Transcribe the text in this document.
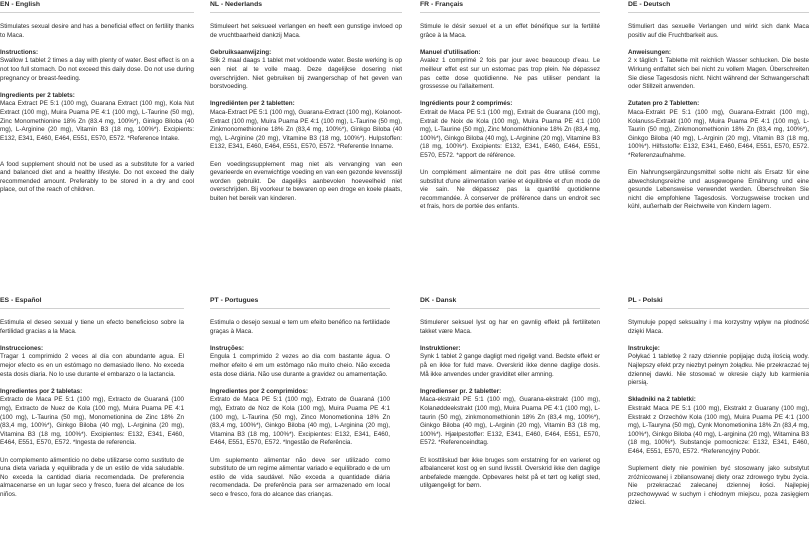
EN - English

Stimulates sexual desire and has a beneficial effect on fertility thanks to Maca.

Instructions:

Swallow 1 tablet 2 times a day with plenty of water. Best effect is on a not too full stomach. Do not exceed this daily dose. Do not use during pregnancy or breast-feeding.

Ingredients per 2 tablets:

Maca Extract PE 5:1 (100 mg), Guarana Extract (100 mg), Kola Nut Extract (100 mg), Muira Puama PE 4:1 (100 mg), L-Taurine (50 mg), Zinc Monomethionine 18% Zn (83.4 mg, 100%*), Ginkgo Biloba (40 mg), L-Arginine (20 mg), Vitamin B3 (18 mg, 100%*). Excipients: E132, E341, E460, E464, E551, E570, E572. *Reference Intake.

A food supplement should not be used as a substitute for a varied and balanced diet and a healthy lifestyle. Do not exceed the daily recommended amount. Preferably to be stored in a dry and cool place, out of the reach of children.

NL - Nederlands

Stimuleert het seksueel verlangen en heeft een gunstige invloed op de vruchtbaarheid dankzij Maca.

Gebruiksaanwijzing:

Slik 2 maal daags 1 tablet met voldoende water. Beste werking is op een niet al te volle maag. Deze dagelijkse dosering niet overschrijden. Niet gebruiken bij zwangerschap of het geven van borstvoeding.

Ingrediënten per 2 tabletten:

Maca-Extract PE 5:1 (100 mg), Guarana-Extract (100 mg), Kolanoot-Extract (100 mg), Muira Puama PE 4:1 (100 mg), L-Taurine (50 mg), Zinkmonomethionine 18% Zn (83,4 mg, 100%*), Ginkgo Biloba (40 mg), L-Arginine (20 mg), Vitamine B3 (18 mg, 100%*). Hulpstoffen: E132, E341, E460, E464, E551, E570, E572. *Referentie Inname.

Een voedingssupplement mag niet als vervanging van een gevarieerde en evenwichtige voeding en van een gezonde levensstijl worden gebruikt. De dagelijks aanbevolen hoeveelheid niet overschrijden. Bij voorkeur te bewaren op een droge en koele plaats, buiten het bereik van kinderen.

FR - Français

Stimule le désir sexuel et a un effet bénéfique sur la fertilité grâce à la Maca.

Manuel d'utilisation:

Avalez 1 comprimé 2 fois par jour avec beaucoup d'eau. Le meilleur effet est sur un estomac pas trop plein. Ne dépassez pas cette dose quotidienne. Ne pas utiliser pendant la grossesse ou l'allaitement.

Ingrédients pour 2 comprimés:

Extrait de Maca PE 5:1 (100 mg), Extrait de Guarana (100 mg), Extrait de Noix de Kola (100 mg), Muira Puama PE 4:1 (100 mg), L-Taurine (50 mg), Zinc Monométhionine 18% Zn (83,4 mg, 100%*), Ginkgo Biloba (40 mg), L-Arginine (20 mg), Vitamine B3 (18 mg, 100%*). Excipients: E132, E341, E460, E464, E551, E570, E572. *apport de référence.

Un complément alimentaire ne doit pas être utilisé comme substitut d'une alimentation variée et équilibrée et d'un mode de vie sain. Ne dépassez pas la quantité quotidienne recommandée. À conserver de préférence dans un endroit sec et frais, hors de portée des enfants.

DE - Deutsch

Stimuliert das sexuelle Verlangen und wirkt sich dank Maca positiv auf die Fruchtbarkeit aus.

Anweisungen:

2 x täglich 1 Tablette mit reichlich Wasser schlucken. Die beste Wirkung entfaltet sich bei nicht zu vollem Magen. Überschreiten Sie diese Tagesdosis nicht. Nicht während der Schwangerschaft oder Stillzeit anwenden.

Zutaten pro 2 Tabletten:

Maca-Extrakt PE 5:1 (100 mg), Guarana-Extrakt (100 mg), Kolanuss-Extrakt (100 mg), Muira Puama PE 4:1 (100 mg), L-Taurin (50 mg), Zinkmonomethionin 18% Zn (83,4 mg, 100%*), Ginkgo Biloba (40 mg), L-Arginin (20 mg), Vitamin B3 (18 mg, 100%*). Hilfsstoffe: E132, E341, E460, E464, E551, E570, E572. *Referenzaufnahme.

Ein Nahrungsergänzungsmittel sollte nicht als Ersatz für eine abwechslungsreiche und ausgewogene Ernährung und eine gesunde Lebensweise verwendet werden. Überschreiten Sie nicht die empfohlene Tagesdosis. Vorzugsweise trocken und kühl, außerhalb der Reichweite von Kindern lagern.

ES - Español

Estimula el deseo sexual y tiene un efecto beneficioso sobre la fertilidad gracias a la Maca.

Instrucciones:

Tragar 1 comprimido 2 veces al día con abundante agua. El mejor efecto es en un estómago no demasiado lleno. No exceda esta dosis diaria. No lo use durante el embarazo o la lactancia.

Ingredientes por 2 tabletas:

Extracto de Maca PE 5:1 (100 mg), Extracto de Guaraná (100 mg), Extracto de Nuez de Kola (100 mg), Muira Puama PE 4:1 (100 mg), L-Taurina (50 mg), Monometionina de Zinc 18% Zn (83,4 mg, 100%*), Ginkgo Biloba (40 mg), L-Arginina (20 mg), Vitamina B3 (18 mg, 100%*). Excipientes: E132, E341, E460, E464, E551, E570, E572. *Ingesta de referencia.

Un complemento alimenticio no debe utilizarse como sustituto de una dieta variada y equilibrada y de un estilo de vida saludable. No exceda la cantidad diaria recomendada. De preferencia almacenarse en un lugar seco y fresco, fuera del alcance de los niños.

PT - Portugues

Estimula o desejo sexual e tem um efeito benéfico na fertilidade graças à Maca.

Instruções:

Engula 1 comprimido 2 vezes ao dia com bastante água. O melhor efeito é em um estômago não muito cheio. Não exceda esta dose diária. Não use durante a gravidez ou amamentação.

Ingredientes por 2 comprimidos:

Extrato de Maca PE 5:1 (100 mg), Extrato de Guaraná (100 mg), Extrato de Noz de Kola (100 mg), Muira Puama PE 4:1 (100 mg), L-Taurina (50 mg), Zinco Monometionina 18% Zn (83,4 mg, 100%*), Ginkgo Biloba (40 mg), L-Arginina (20 mg), Vitamina B3 (18 mg, 100%*). Excipientes: E132, E341, E460, E464, E551, E570, E572. *Ingestão de Referência.

Um suplemento alimentar não deve ser utilizado como substituto de um regime alimentar variado e equilibrado e de um estilo de vida saudável. Não exceda a quantidade diária recomendada. De preferência para ser armazenado em local seco e fresco, fora do alcance das crianças.

DK - Dansk

Stimulerer seksuel lyst og har en gavnlig effekt på fertiliteten takket være Maca.

Instruktioner:

Synk 1 tablet 2 gange dagligt med rigeligt vand. Bedste effekt er på en ikke for fuld mave. Overskrid ikke denne daglige dosis. Må ikke anvendes under graviditet eller amning.

Ingredienser pr. 2 tabletter:

Maca-ekstrakt PE 5:1 (100 mg), Guarana-ekstrakt (100 mg), Kolanøddeekstrakt (100 mg), Muira Puama PE 4:1 (100 mg), L-taurin (50 mg), zinkmonomethionin 18% Zn (83,4 mg, 100%*), Ginkgo Biloba (40 mg), L-Arginin (20 mg), Vitamin B3 (18 mg, 100%*). Hjælpestoffer: E132, E341, E460, E464, E551, E570, E572. *Referenceindtag.

Et kosttilskud bør ikke bruges som erstatning for en varieret og afbalanceret kost og en sund livsstil. Overskrid ikke den daglige anbefalede mængde. Opbevares helst på et tørt og køligt sted, utilgængeligt for børn.

PL - Polski

Stymuluje popęd seksualny i ma korzystny wpływ na płodność dzięki Maca.

Instrukcje:

Połykać 1 tabletkę 2 razy dziennie popijając dużą ilością wody. Najlepszy efekt przy niezbyt pełnym żołądku. Nie przekraczać tej dziennej dawki. Nie stosować w okresie ciąży lub karmienia piersią.

Składniki na 2 tabletki:

Ekstrakt Maca PE 5:1 (100 mg), Ekstrakt z Guarany (100 mg), Ekstrakt z Orzechów Kola (100 mg), Muira Puama PE 4:1 (100 mg), L-Tauryna (50 mg), Cynk Monometionina 18% Zn (83,4 mg, 100%*), Ginkgo Biloba (40 mg), L-arginina (20 mg), Witamina B3 (18 mg, 100%*). Substancje pomocnicze: E132, E341, E460, E464, E551, E570, E572. *Referencyjny Pobór.

Suplement diety nie powinien być stosowany jako substytut zróżnicowanej i zbilansowanej diety oraz zdrowego trybu życia. Nie przekraczać zalecanej dziennej ilości. Najlepiej przechowywać w suchym i chłodnym miejscu, poza zasięgiem dzieci.
